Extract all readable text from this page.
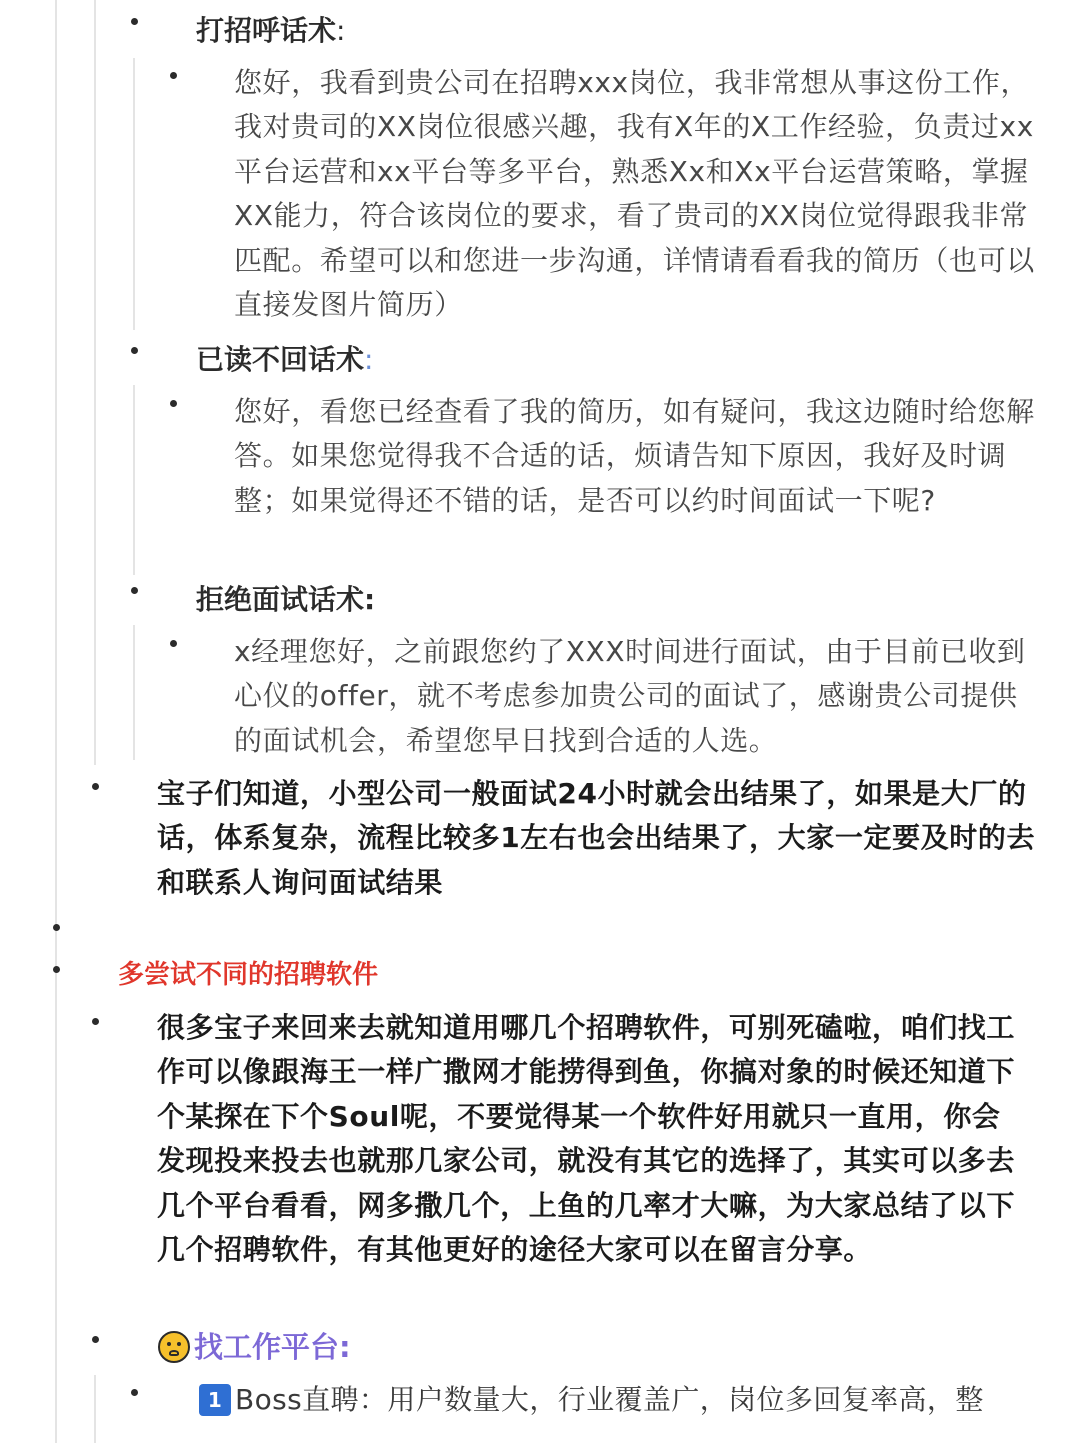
打招呼话术:

您好，我看到贵公司在招聘xxx岗位，我非常想从事这份工作，我对贵司的XX岗位很感兴趣，我有X年的X工作经验，负责过xx平台运营和xx平台等多平台，熟悉Xx和Xx平台运营策略，掌握XX能力，符合该岗位的要求，看了贵司的XX岗位觉得跟我非常匹配。希望可以和您进一步沟通，详情请看看我的简历（也可以直接发图片简历）

已读不回话术:

您好，看您已经查看了我的简历，如有疑问，我这边随时给您解答。如果您觉得我不合适的话，烦请告知下原因，我好及时调整；如果觉得还不错的话，是否可以约时间面试一下呢?

拒绝面试话术:

x经理您好，之前跟您约了XXX时间进行面试，由于目前已收到心仪的offer，就不考虑参加贵公司的面试了，感谢贵公司提供的面试机会，希望您早日找到合适的人选。

宝子们知道，小型公司一般面试24小时就会出结果了，如果是大厂的话，体系复杂，流程比较多1左右也会出结果了，大家一定要及时的去和联系人询问面试结果

多尝试不同的招聘软件

很多宝子来回来去就知道用哪几个招聘软件，可别死磕啦，咱们找工作可以像跟海王一样广撒网才能捞得到鱼，你搞对象的时候还知道下个某探在下个Soul呢，不要觉得某一个软件好用就只一直用，你会发现投来投去也就那几家公司，就没有其它的选择了，其实可以多去几个平台看看，网多撒几个，上鱼的几率才大嘛，为大家总结了以下几个招聘软件，有其他更好的途径大家可以在留言分享。

找工作平台:
1 Boss直聘：用户数量大，行业覆盖广，岗位多回复率高，整
